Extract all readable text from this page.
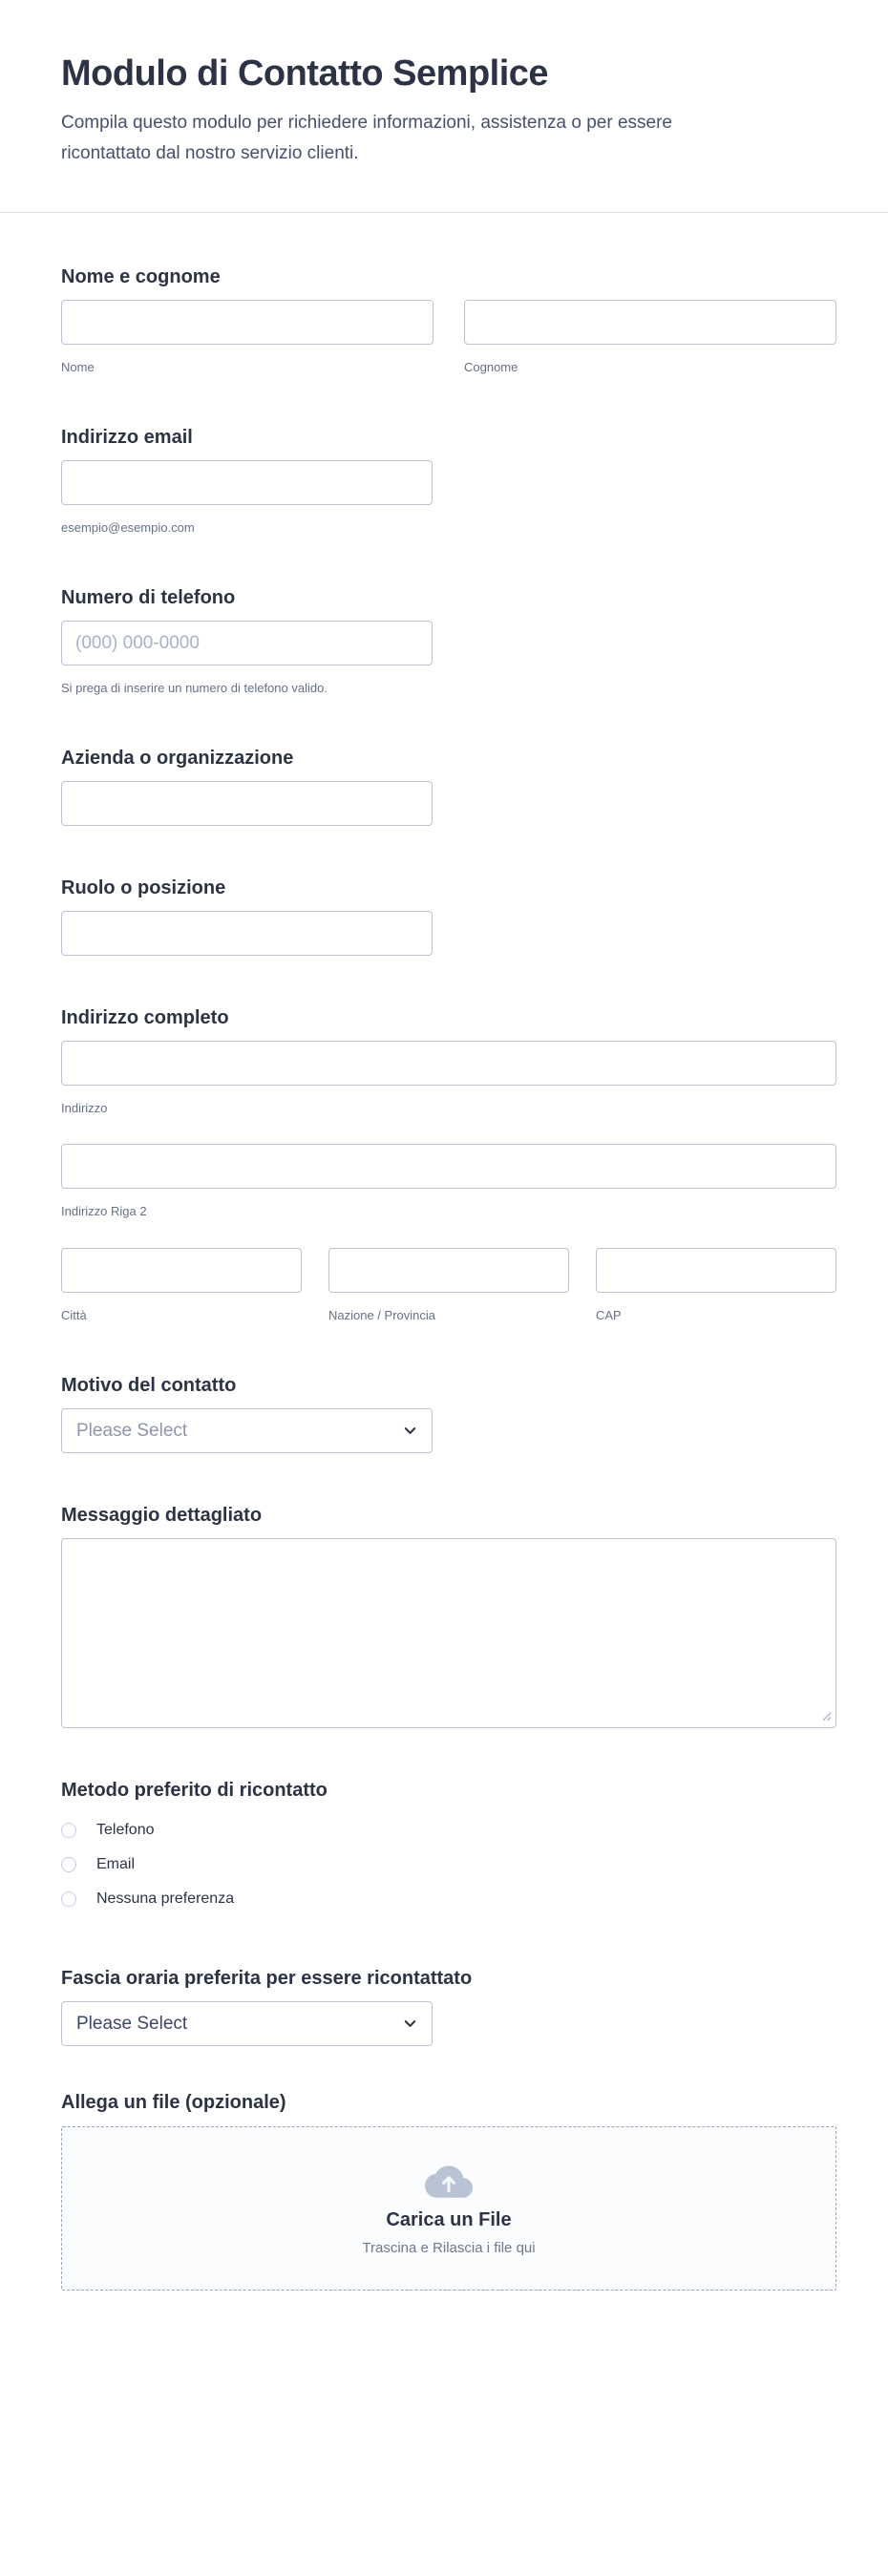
Modulo di Contatto Semplice

Compila questo modulo per richiedere informazioni, assistenza o per essere ricontattato dal nostro servizio clienti.

Nome e cognome
Nome	Cognome
Indirizzo email
esempio@esempio.com
Numero di telefono
(000) 000-0000
Si prega di inserire un numero di telefono valido.
Azienda o organizzazione
Ruolo o posizione
Indirizzo completo
Indirizzo
Indirizzo Riga 2
Città	Nazione / Provincia	CAP
Motivo del contatto
Please Select
Messaggio dettagliato
Metodo preferito di ricontatto
Telefono
Email
Nessuna preferenza
Fascia oraria preferita per essere ricontattato
Please Select
Allega un file (opzionale)
Carica un File
Trascina e Rilascia i file qui
